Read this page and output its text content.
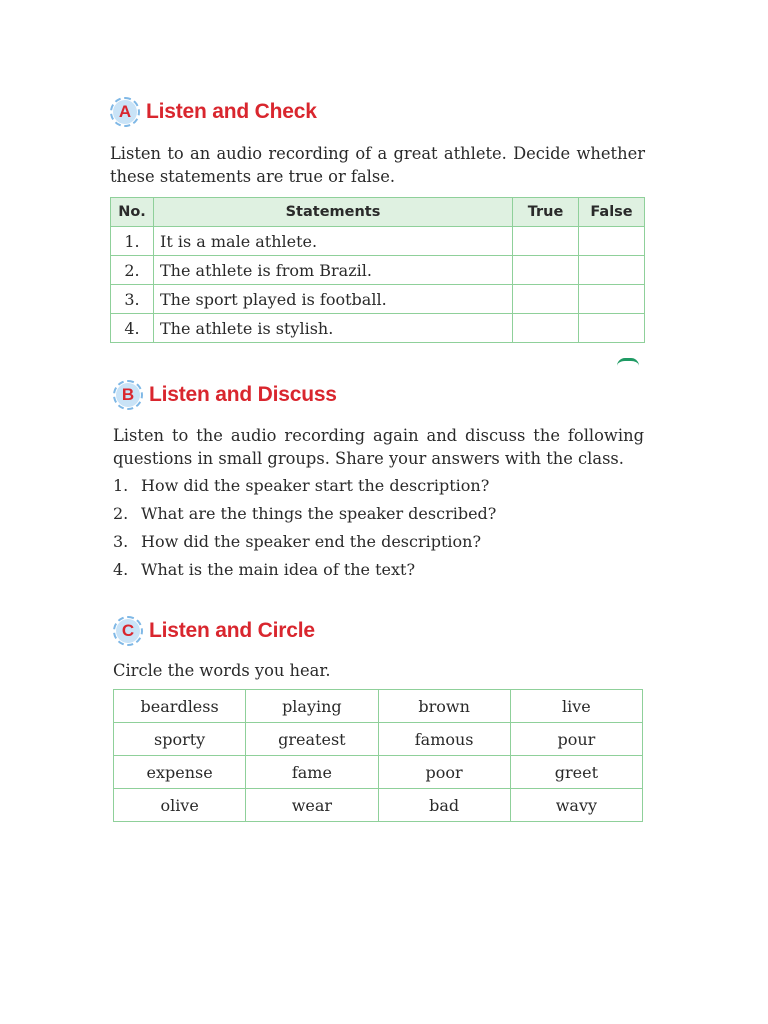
A Listen and Check
Listen to an audio recording of a great athlete. Decide whether
these statements are true or false.
No.	Statements	True	False
1.	It is a male athlete.		
2.	The athlete is from Brazil.		
3.	The sport played is football.		
4.	The athlete is stylish.		
B Listen and Discuss
Listen to the audio recording again and discuss the following
questions in small groups. Share your answers with the class.
1. How did the speaker start the description?
2. What are the things the speaker described?
3. How did the speaker end the description?
4. What is the main idea of the text?
C Listen and Circle
Circle the words you hear.
beardless	playing	brown	live
sporty	greatest	famous	pour
expense	fame	poor	greet
olive	wear	bad	wavy
